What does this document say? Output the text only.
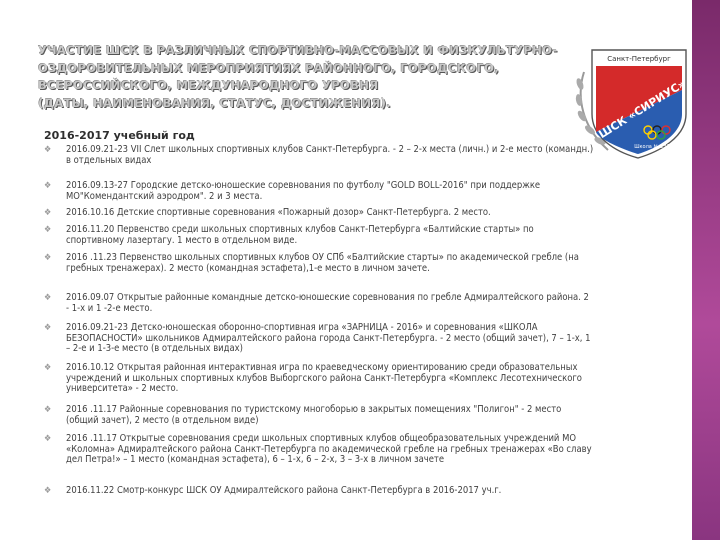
УЧАСТИЕ ШСК В РАЗЛИЧНЫХ СПОРТИВНО-МАССОВЫХ И ФИЗКУЛЬТУРНО-
ОЗДОРОВИТЕЛЬНЫХ МЕРОПРИЯТИЯХ РАЙОННОГО, ГОРОДСКОГО,
ВСЕРОССИЙСКОГО, МЕЖДУНАРОДНОГО УРОВНЯ
(ДАТЫ, НАИМЕНОВАНИЯ, СТАТУС, ДОСТИЖЕНИЯ).
2016-2017 учебный год
Санкт-Петербург
ШСК «СИРИУС»
Школа № 232
❖ 2016.09.21-23 VII Слет школьных спортивных клубов Санкт-Петербурга. - 2 – 2-х места (личн.) и 2-е место (командн.) в отдельных видах
❖ 2016.09.13-27 Городские детско-юношеские соревнования по футболу "GOLD BOLL-2016" при поддержке МО"Комендантский аэродром". 2 и 3 места.
❖ 2016.10.16 Детские спортивные соревнования «Пожарный дозор» Санкт-Петербурга. 2 место.
❖ 2016.11.20 Первенство среди школьных спортивных клубов Санкт-Петербурга «Балтийские старты» по спортивному лазертагу. 1 место в отдельном виде.
❖ 2016 .11.23 Первенство школьных спортивных клубов ОУ СПб «Балтийские старты» по академической гребле (на гребных тренажерах). 2 место (командная эстафета),1-е место в личном зачете.
❖ 2016.09.07 Открытые районные командные детско-юношеские соревнования по гребле Адмиралтейского района. 2 - 1-х и 1 -2-е место.
❖ 2016.09.21-23 Детско-юношеская оборонно-спортивная игра «ЗАРНИЦА - 2016» и соревнования «ШКОЛА БЕЗОПАСНОСТИ» школьников Адмиралтейского района города Санкт-Петербурга. - 2 место (общий зачет), 7 – 1-х, 1 – 2-е и 1-3-е место (в отдельных видах)
❖ 2016.10.12 Открытая районная интерактивная игра по краеведческому ориентированию среди образовательных учреждений и школьных спортивных клубов Выборгского района Санкт-Петербурга «Комплекс Лесотехнического университета» - 2 место.
❖ 2016 .11.17 Районные соревнования по туристскому многоборью в закрытых помещениях "Полигон" - 2 место (общий зачет), 2 место (в отдельном виде)
❖ 2016 .11.17 Открытые соревнования среди школьных спортивных клубов общеобразовательных учреждений МО «Коломна» Адмиралтейского района Санкт-Петербурга по академической гребле на гребных тренажерах «Во славу дел Петра!» – 1 место (командная эстафета), 6 – 1-х, 6 – 2-х, 3 – 3-х в личном зачете
❖ 2016.11.22 Смотр-конкурс ШСК ОУ Адмиралтейского района Санкт-Петербурга в 2016-2017 уч.г.
